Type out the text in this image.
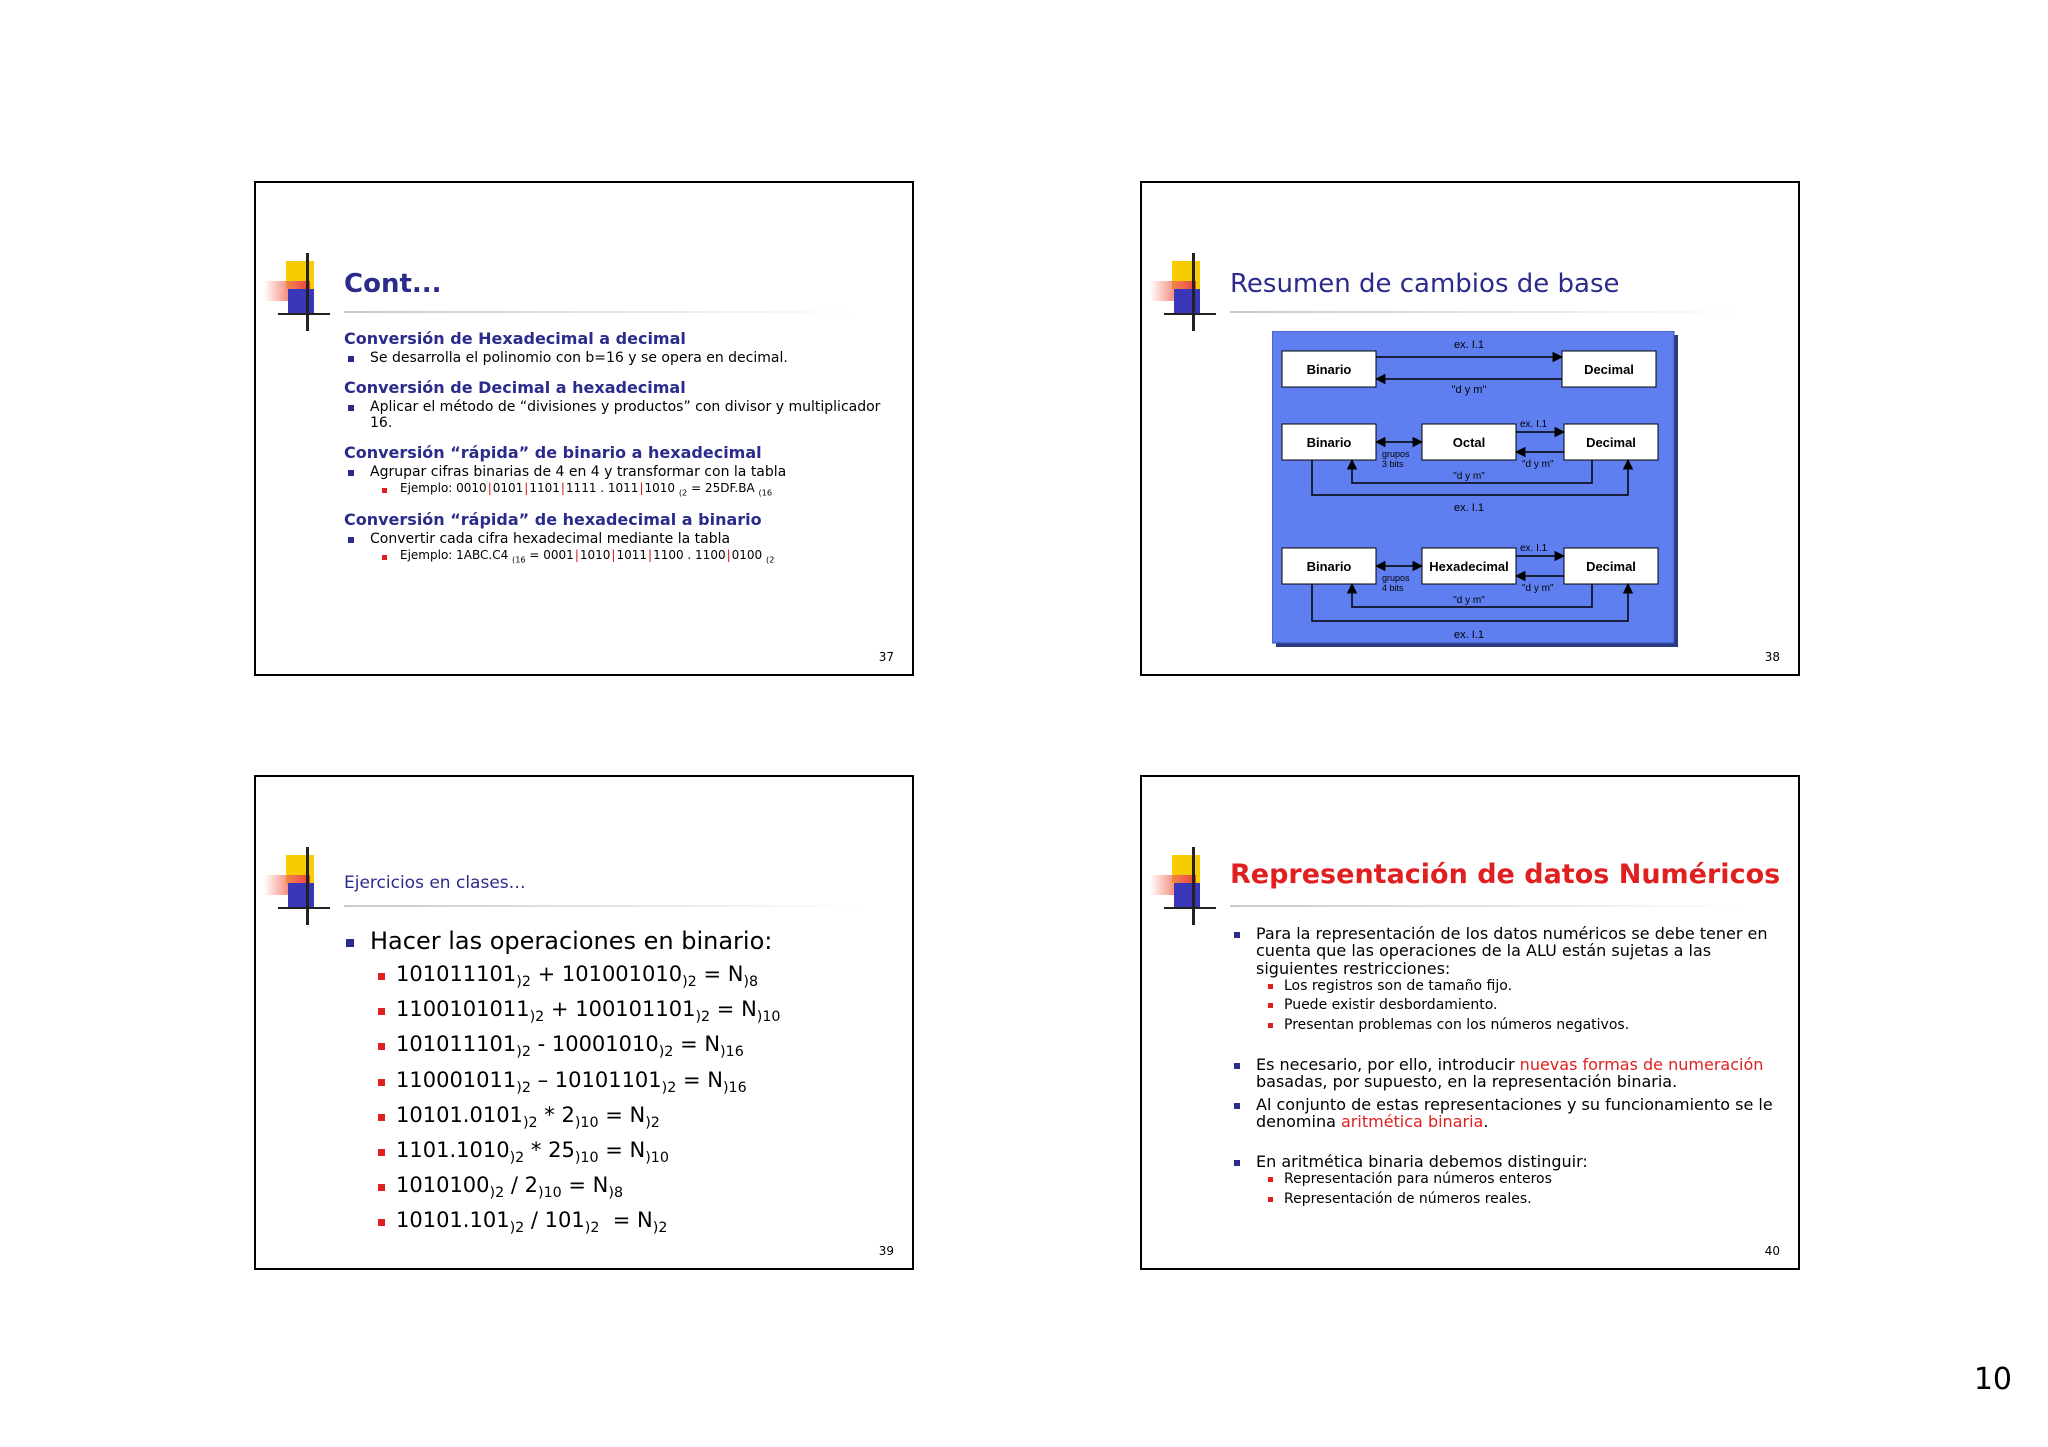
Cont...
Conversión de Hexadecimal a decimal
Se desarrolla el polinomio con b=16 y se opera en decimal.
Conversión de Decimal a hexadecimal
Aplicar el método de “divisiones y productos” con divisor y multiplicador 16.
Conversión “rápida” de binario a hexadecimal
Agrupar cifras binarias de 4 en 4 y transformar con la tabla
Ejemplo: 0010|0101|1101|1111 . 1011|1010 $_{(2}$ = 25DF.BA $_{(16}$
Conversión “rápida” de hexadecimal a binario
Convertir cada cifra hexadecimal mediante la tabla
Ejemplo: 1ABC.C4 $_{(16}$ = 0001|1010|1011|1100 . 1100|0100 $_{(2}$
37
Resumen de cambios de base
Binario	Decimal
ex. I.1
"d y m"
Binario	Octal	Decimal
grupos
3 bits
ex. I.1
"d y m"
"d y m"
ex. I.1
Binario	Hexadecimal	Decimal
grupos
4 bits
ex. I.1
"d y m"
"d y m"
ex. I.1
38
Ejercicios en clases…
Hacer las operaciones en binario:
$101011101_{)2} + 101001010_{)2} = N_{)8}$
$1100101011_{)2} + 100101101_{)2} = N_{)10}$
$101011101_{)2} - 10001010_{)2} = N_{)16}$
$110001011_{)2} - 10101101_{)2} = N_{)16}$
$10101.0101_{)2} * 2_{)10} = N_{)2}$
$1101.1010_{)2} * 25_{)10} = N_{)10}$
$1010100_{)2} / 2_{)10} = N_{)8}$
$10101.101_{)2} / 101_{)2} = N_{)2}$
39
Representación de datos Numéricos
Para la representación de los datos numéricos se debe tener en cuenta que las operaciones de la ALU están sujetas a las siguientes restricciones:
Los registros son de tamaño fijo.
Puede existir desbordamiento.
Presentan problemas con los números negativos.
Es necesario, por ello, introducir nuevas formas de numeración basadas, por supuesto, en la representación binaria.
Al conjunto de estas representaciones y su funcionamiento se le denomina aritmética binaria.
En aritmética binaria debemos distinguir:
Representación para números enteros
Representación de números reales.
40
10
